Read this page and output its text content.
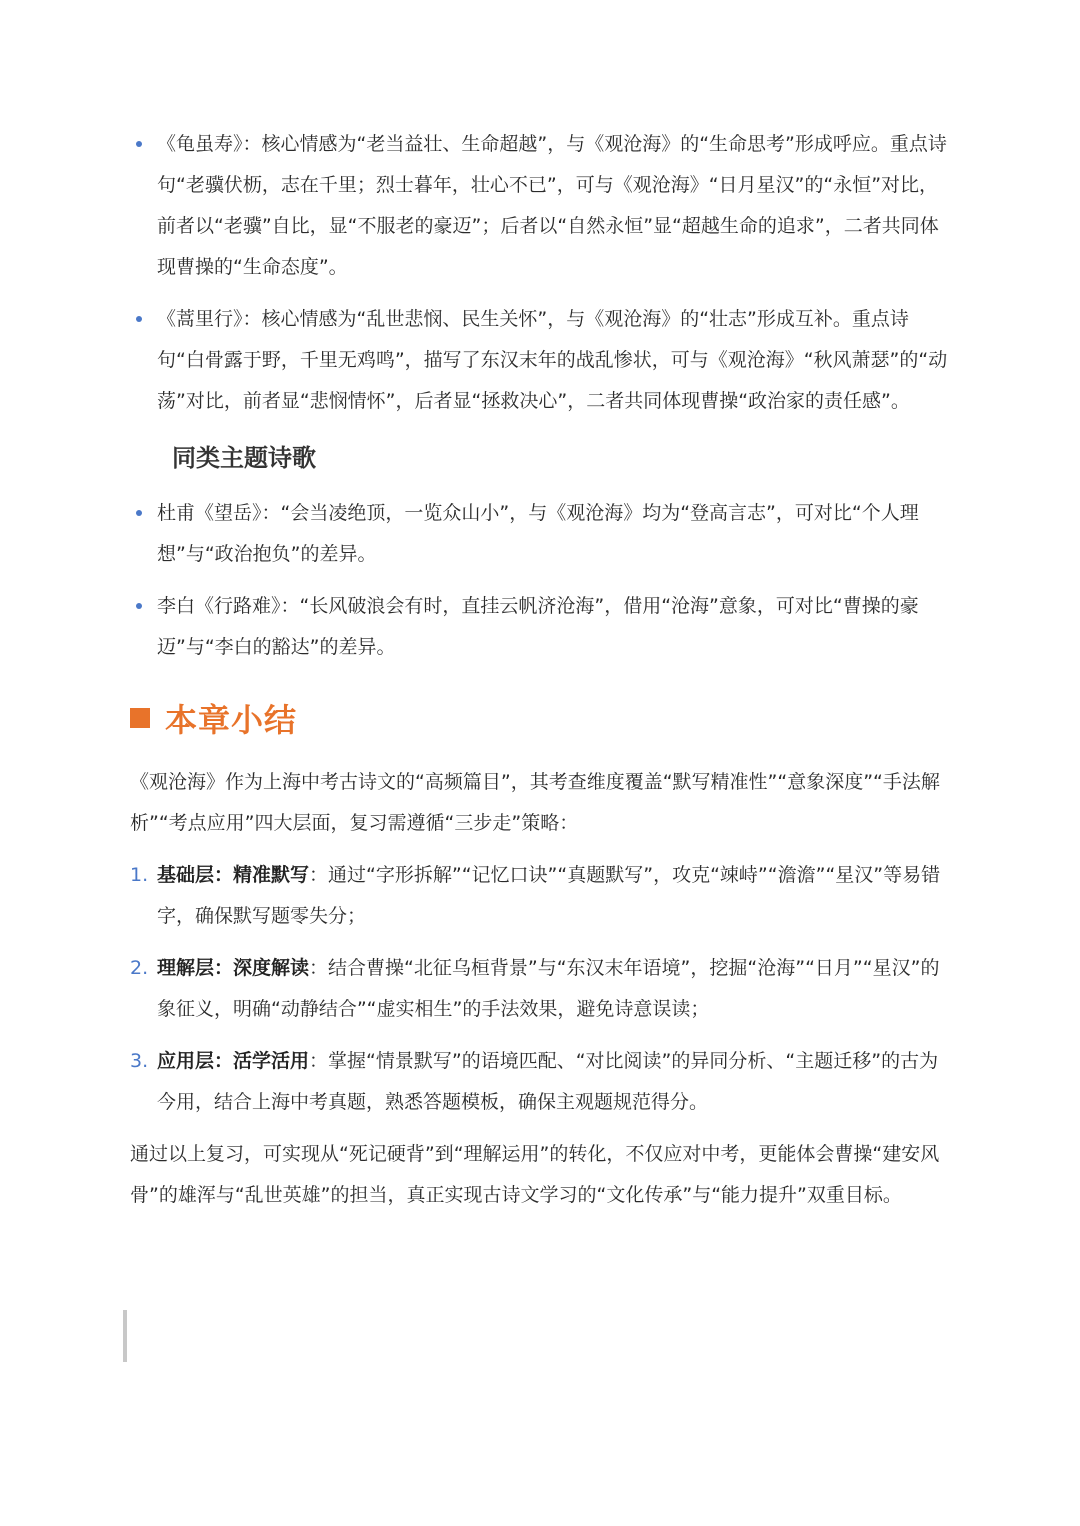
《龟虽寿》：核心情感为“老当益壮、生命超越”，与《观沧海》的“生命思考”形成呼应。重点诗句“老骥伏枥，志在千里；烈士暮年，壮心不已”，可与《观沧海》“日月星汉”的“永恒”对比，前者以“老骥”自比，显“不服老的豪迈”；后者以“自然永恒”显“超越生命的追求”，二者共同体现曹操的“生命态度”。
《蒿里行》：核心情感为“乱世悲悯、民生关怀”，与《观沧海》的“壮志”形成互补。重点诗句“白骨露于野，千里无鸡鸣”，描写了东汉末年的战乱惨状，可与《观沧海》“秋风萧瑟”的“动荡”对比，前者显“悲悯情怀”，后者显“拯救决心”，二者共同体现曹操“政治家的责任感”。
同类主题诗歌
杜甫《望岳》：“会当凌绝顶，一览众山小”，与《观沧海》均为“登高言志”，可对比“个人理想”与“政治抱负”的差异。
李白《行路难》：“长风破浪会有时，直挂云帆济沧海”，借用“沧海”意象，可对比“曹操的豪迈”与“李白的豁达”的差异。
本章小结

《观沧海》作为上海中考古诗文的“高频篇目”，其考查维度覆盖“默写精准性”“意象深度”“手法解析”“考点应用”四大层面，复习需遵循“三步走”策略：

1. 基础层：精准默写：通过“字形拆解”“记忆口诀”“真题默写”，攻克“竦峙”“澹澹”“星汉”等易错字，确保默写题零失分；
2. 理解层：深度解读：结合曹操“北征乌桓背景”与“东汉末年语境”，挖掘“沧海”“日月”“星汉”的象征义，明确“动静结合”“虚实相生”的手法效果，避免诗意误读；
3. 应用层：活学活用：掌握“情景默写”的语境匹配、“对比阅读”的异同分析、“主题迁移”的古为今用，结合上海中考真题，熟悉答题模板，确保主观题规范得分。

通过以上复习，可实现从“死记硬背”到“理解运用”的转化，不仅应对中考，更能体会曹操“建安风骨”的雄浑与“乱世英雄”的担当，真正实现古诗文学习的“文化传承”与“能力提升”双重目标。
